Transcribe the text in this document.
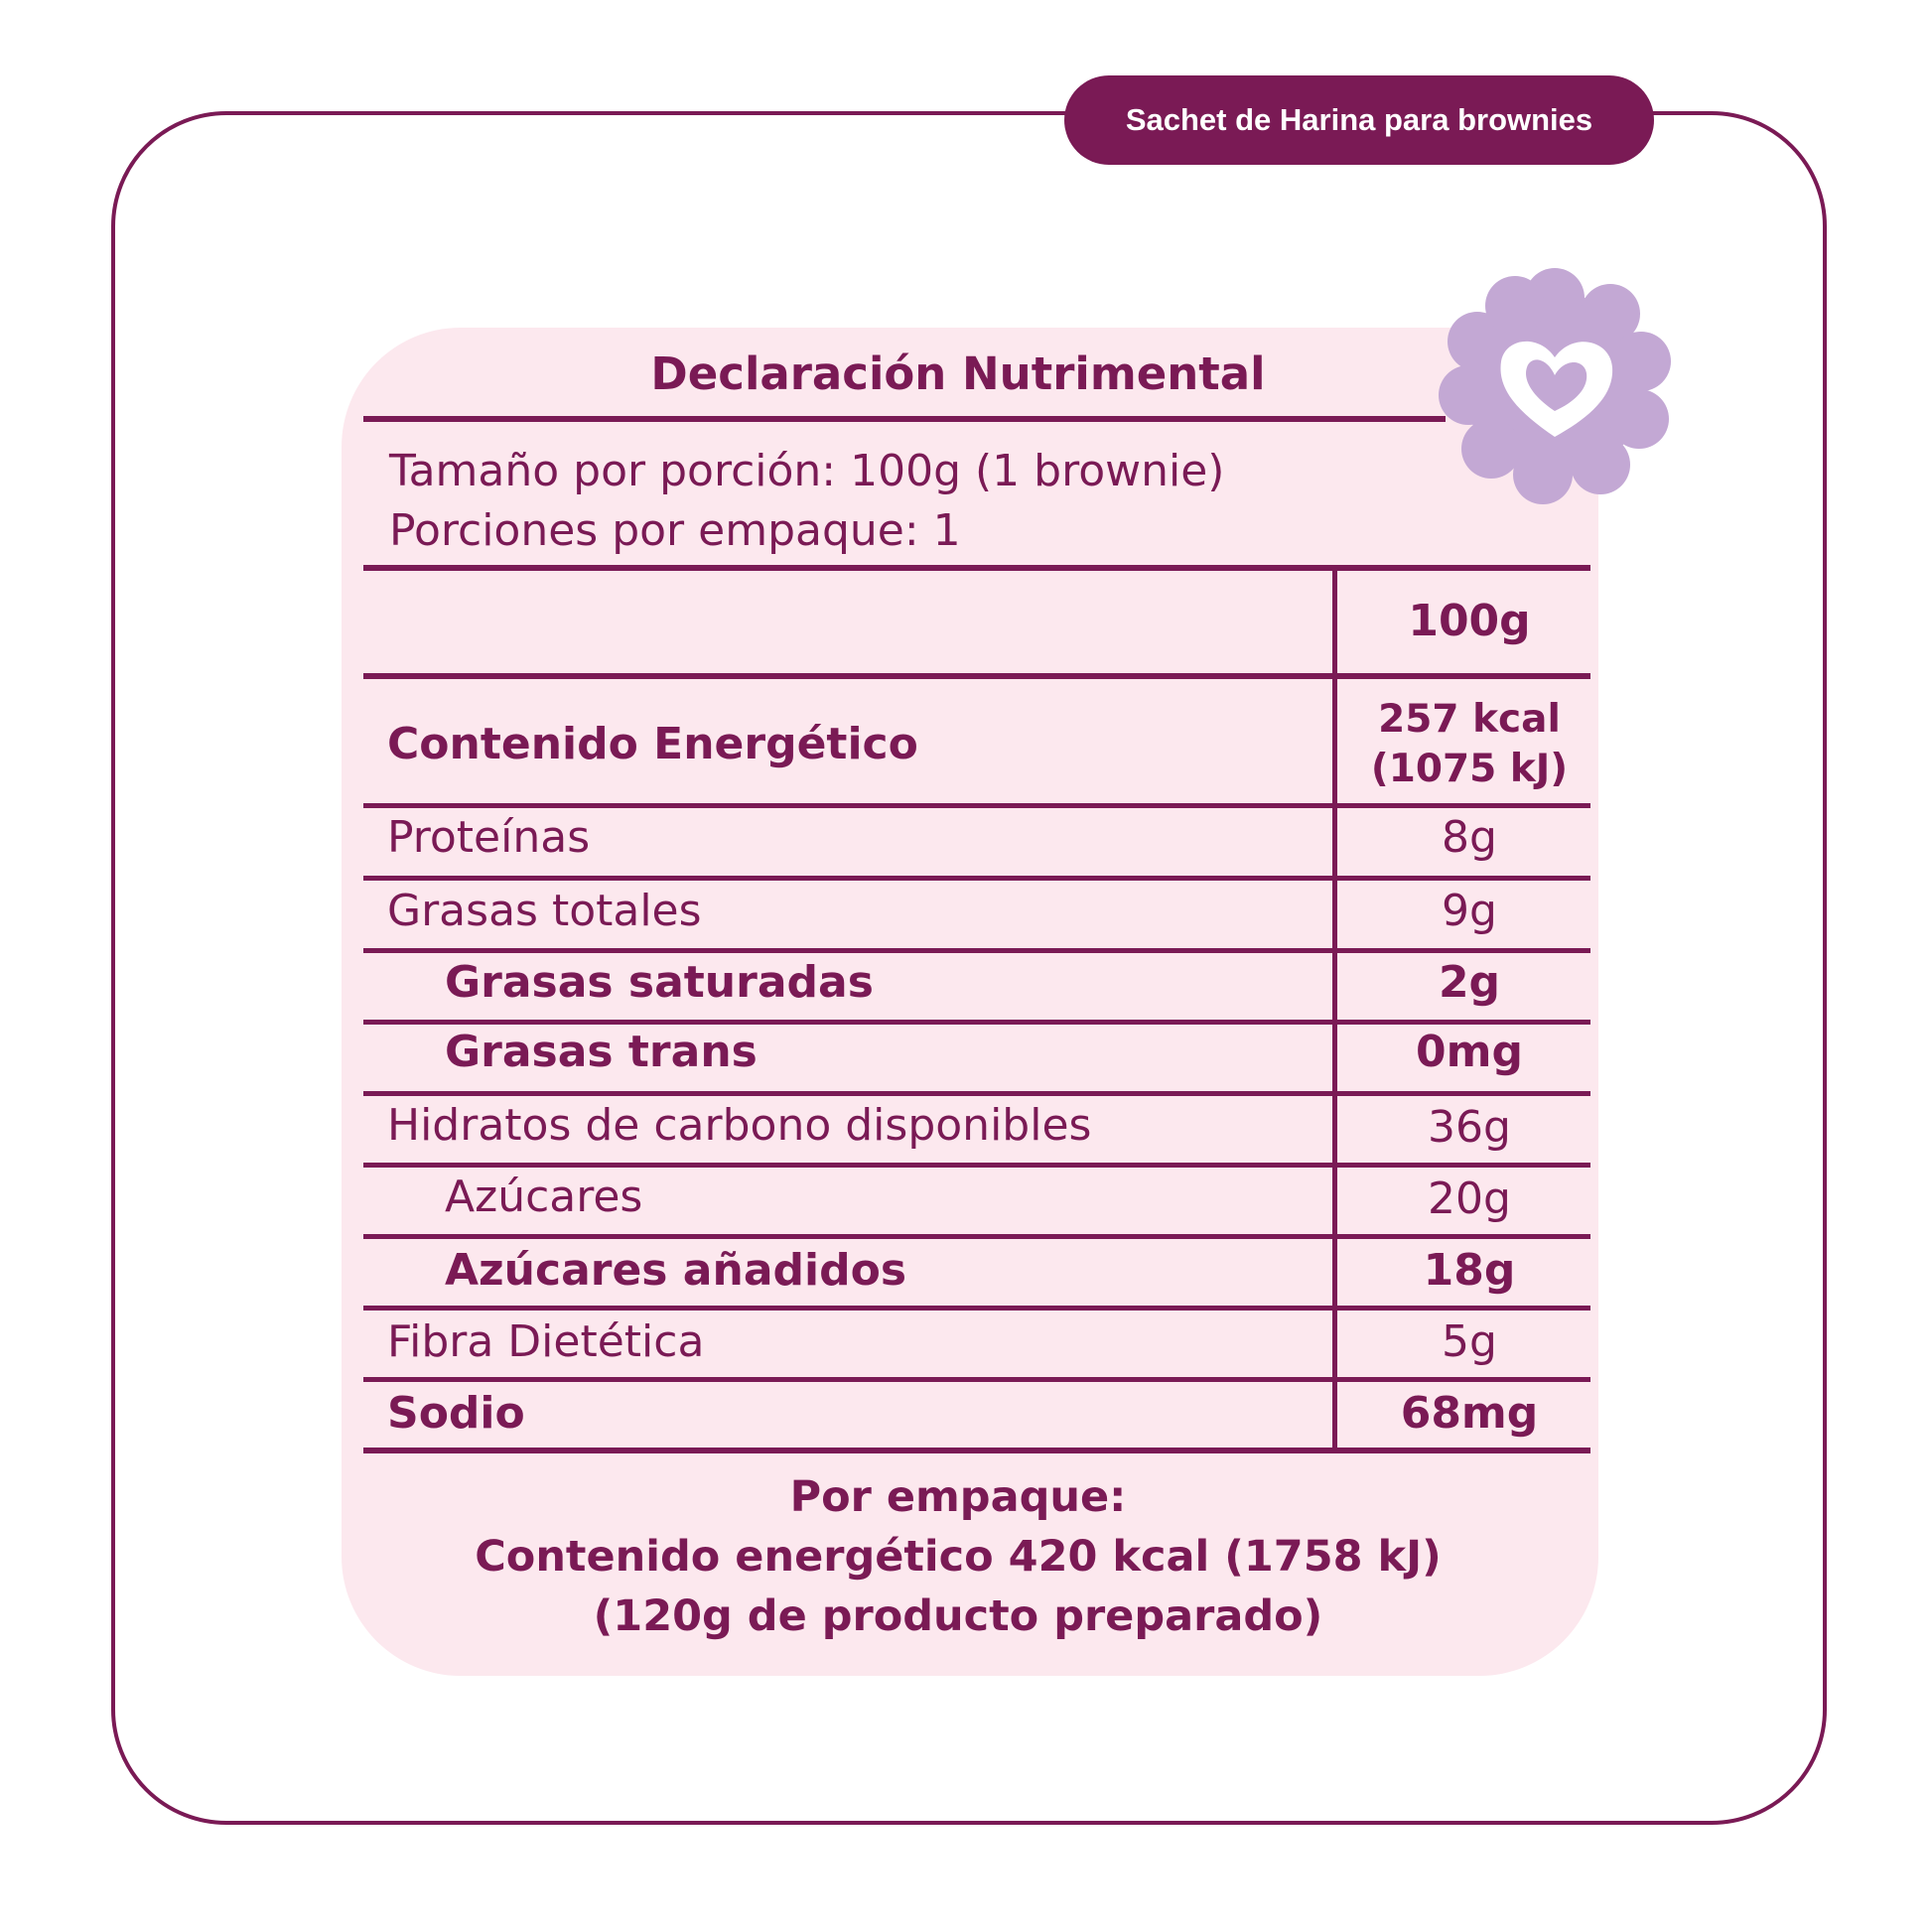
Sachet de Harina para brownies
Declaración Nutrimental
Tamaño por porción: 100g (1 brownie)
Porciones por empaque: 1
100g
Contenido Energético	257 kcal
(1075 kJ)
Proteínas	8g
Grasas totales	9g
Grasas saturadas	2g
Grasas trans	0mg
Hidratos de carbono disponibles	36g
Azúcares	20g
Azúcares añadidos	18g
Fibra Dietética	5g
Sodio	68mg
Por empaque:
Contenido energético 420 kcal (1758 kJ)
(120g de producto preparado)
